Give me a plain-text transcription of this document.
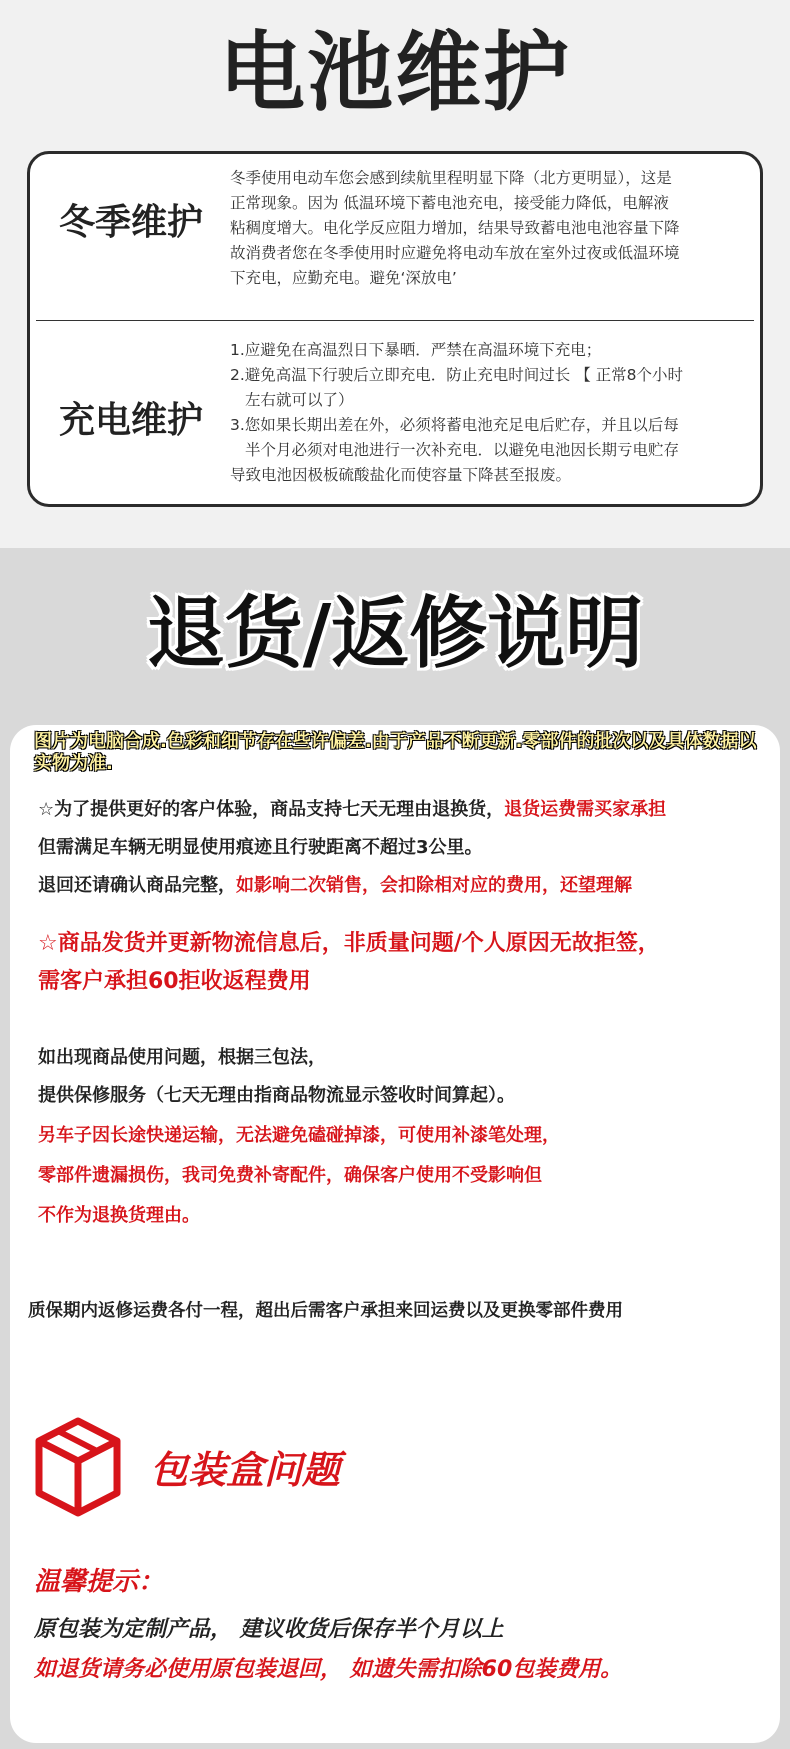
电池维护
冬季维护

冬季使用电动车您会感到续航里程明显下降（北方更明显），这是

正常现象。因为 低温环境下蓄电池充电，接受能力降低，电解液

粘稠度增大。电化学反应阻力增加，结果导致蓄电池电池容量下降

故消费者您在冬季使用时应避免将电动车放在室外过夜或低温环境

下充电，应勤充电。避免‘深放电’

充电维护

1.应避免在高温烈日下暴晒．严禁在高温环境下充电；

2.避免高温下行驶后立即充电．防止充电时间过长 【 正常8个小时

左右就可以了）

3.您如果长期出差在外，必须将蓄电池充足电后贮存，并且以后每

半个月必须对电池进行一次补充电．以避免电池因长期亏电贮存

导致电池因极板硫酸盐化而使容量下降甚至报废。

退货/返修说明
图片为电脑合成.色彩和细节存在些许偏差.由于产品不断更新.零部件的批次以及具体数据以实物为准.
☆为了提供更好的客户体验，商品支持七天无理由退换货，退货运费需买家承担
但需满足车辆无明显使用痕迹且行驶距离不超过3公里。
退回还请确认商品完整，如影响二次销售，会扣除相对应的费用，还望理解
☆商品发货并更新物流信息后，非质量问题/个人原因无故拒签，
需客户承担60拒收返程费用
如出现商品使用问题，根据三包法，
提供保修服务（七天无理由指商品物流显示签收时间算起）。
另车子因长途快递运输，无法避免磕碰掉漆，可使用补漆笔处理，
零部件遗漏损伤，我司免费补寄配件，确保客户使用不受影响但
不作为退换货理由。
质保期内返修运费各付一程，超出后需客户承担来回运费以及更换零部件费用
包装盒问题
温馨提示：
原包装为定制产品， 建议收货后保存半个月以上
如退货请务必使用原包装退回， 如遗失需扣除60包装费用。
